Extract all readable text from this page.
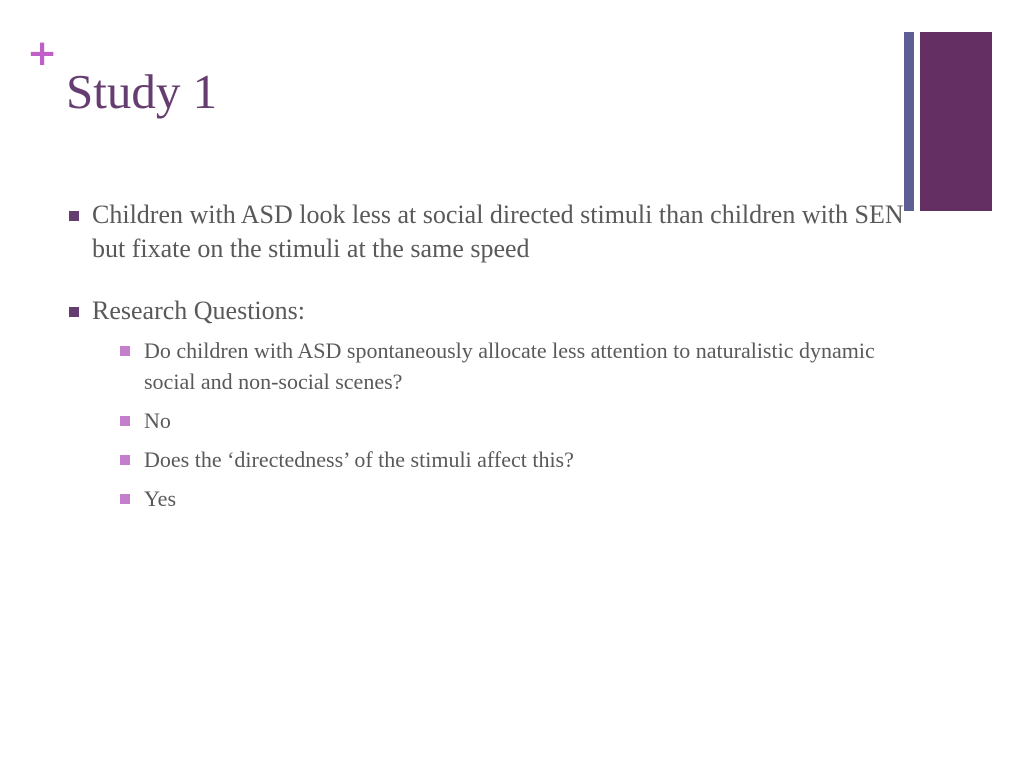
+
Study 1
Children with ASD look less at social directed stimuli than children with SEN but fixate on the stimuli at the same speed
Research Questions:
Do children with ASD spontaneously allocate less attention to naturalistic dynamic social and non-social scenes?
No
Does the ‘directedness’ of the stimuli affect this?
Yes
